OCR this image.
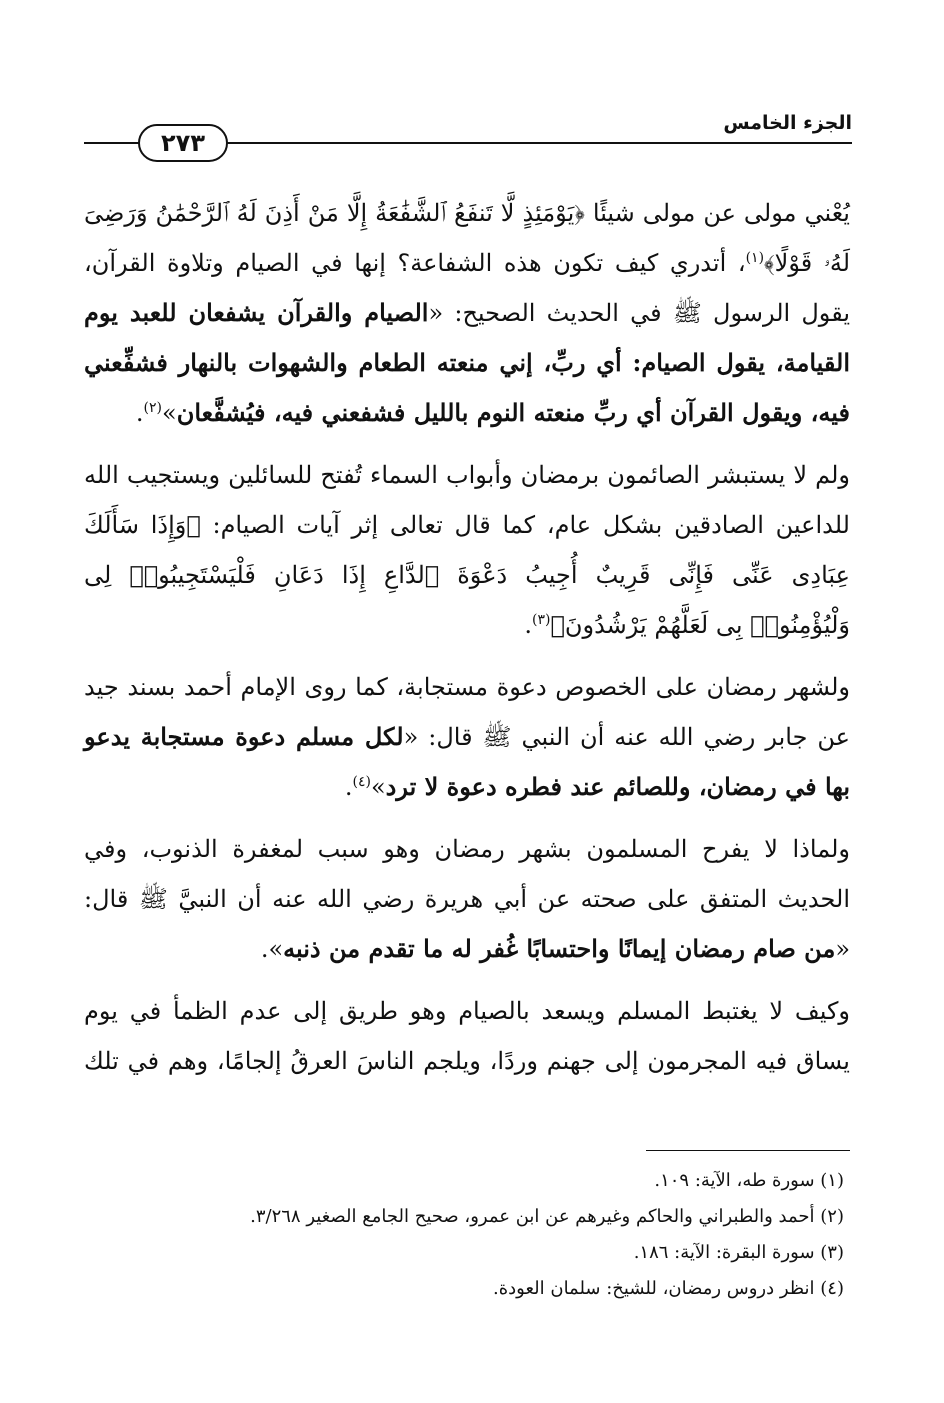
الجزء الخامس
٢٧٣

يُعْني مولى عن مولى شيئًا ﴿يَوْمَئِذٍ لَّا تَنفَعُ ٱلشَّفَٰعَةُ إِلَّا مَنْ أَذِنَ لَهُ ٱلرَّحْمَٰنُ وَرَضِىَ لَهُۥ قَوْلًا﴾$^{(١)}$، أتدري كيف تكون هذه الشفاعة؟ إنها في الصيام وتلاوة القرآن، يقول الرسول ﷺ في الحديث الصحيح: «الصيام والقرآن يشفعان للعبد يوم القيامة، يقول الصيام: أي ربِّ، إني منعته الطعام والشهوات بالنهار فشفِّعني فيه، ويقول القرآن أي ربِّ منعته النوم بالليل فشفعني فيه، فيُشفَّعان»$^{(٢)}$.

ولم لا يستبشر الصائمون برمضان وأبواب السماء تُفتح للسائلين ويستجيب الله للداعين الصادقين بشكل عام، كما قال تعالى إثر آيات الصيام: ﴿وَإِذَا سَأَلَكَ عِبَادِى عَنِّى فَإِنِّى قَرِيبٌ أُجِيبُ دَعْوَةَ ٱلدَّاعِ إِذَا دَعَانِ فَلْيَسْتَجِيبُوا۟ لِى وَلْيُؤْمِنُوا۟ بِى لَعَلَّهُمْ يَرْشُدُونَ﴾$^{(٣)}$.

ولشهر رمضان على الخصوص دعوة مستجابة، كما روى الإمام أحمد بسند جيد عن جابر رضي الله عنه أن النبي ﷺ قال: «لكل مسلم دعوة مستجابة يدعو بها في رمضان، وللصائم عند فطره دعوة لا ترد»$^{(٤)}$.

ولماذا لا يفرح المسلمون بشهر رمضان وهو سبب لمغفرة الذنوب، وفي الحديث المتفق على صحته عن أبي هريرة رضي الله عنه أن النبيَّ ﷺ قال: «من صام رمضان إيمانًا واحتسابًا غُفر له ما تقدم من ذنبه».

وكيف لا يغتبط المسلم ويسعد بالصيام وهو طريق إلى عدم الظمأ في يوم يساق فيه المجرمون إلى جهنم وردًا، ويلجم الناسَ العرقُ إلجامًا، وهم في تلك

(١) سورة طه، الآية: ١٠٩.

(٢) أحمد والطبراني والحاكم وغيرهم عن ابن عمرو، صحيح الجامع الصغير ٣/٢٦٨.

(٣) سورة البقرة: الآية: ١٨٦.

(٤) انظر دروس رمضان، للشيخ: سلمان العودة.
